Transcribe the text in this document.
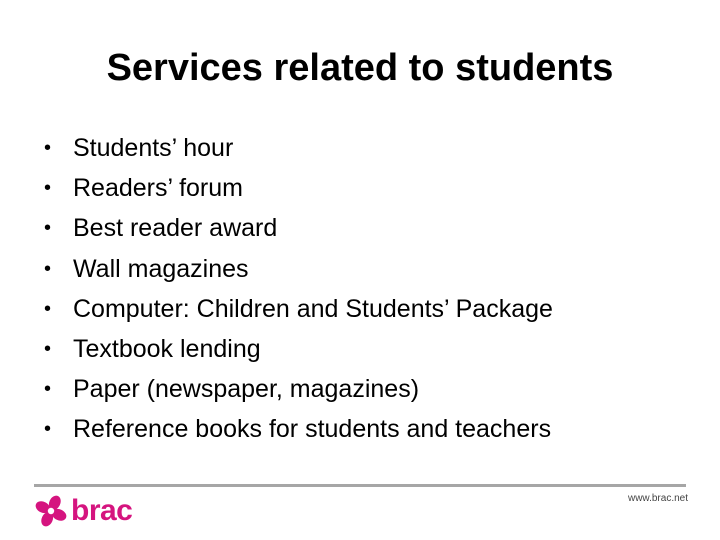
Services related to students
• Students’ hour
• Readers’ forum
• Best reader award
• Wall magazines
• Computer: Children and Students’ Package
• Textbook lending
• Paper (newspaper, magazines)
• Reference books for students and teachers
brac	www.brac.net
